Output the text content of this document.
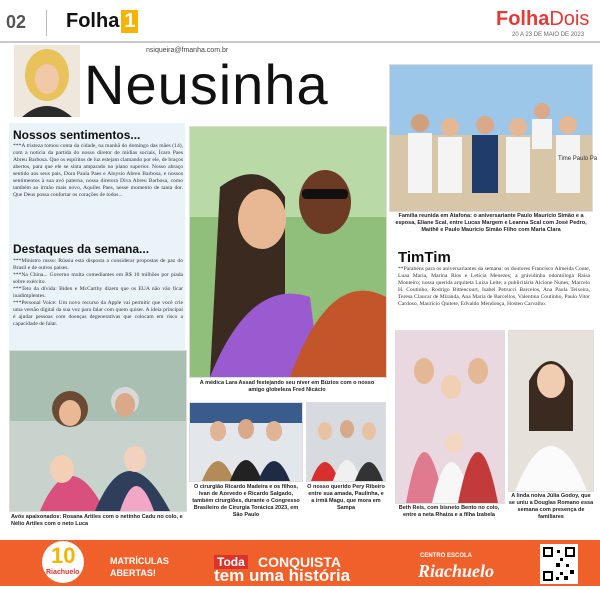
02 Folha 1	FolhaDois
20 A 23 DE MAIO DE 2023
nsiqueira@fmanha.com.br
Neusinha
Nossos sentimentos...
***A tristeza tomou conta da cidade, na manhã do domingo das mães (14), com a notícia da partida do nosso diretor de mídias sociais, Ícaro Paes Abreu Barbosa. Que os espíritos de luz estejam clamando por ele, de braços abertos, para que ele se sinta amparado no plano superior. Nosso abraço sentido aos seus pais, Dora Paula Paes e Aluysio Abreu Barbosa, e nossos sentimentos à sua avó paterna, nossa diretora Diva Abreu Barbosa, como também ao irmão mais novo, Aquiles Paes, nesse momento de tanta dor. Que Deus possa confortar os corações de todos...
Destaques da semana...
***Ministro russo: Rússia está disposta a considerar propostas de paz do Brasil e de outros países.
***Na China... Governo multa comediantes em R$ 10 milhões por piada sobre exército.
***Teto da dívida: Biden e McCarthy dizem que os EUA não vão ficar inadimplentes.
***Personal Voice: Um novo recurso da Apple vai permitir que você crie uma versão digital da sua voz para falar com quem quiser. A ideia principal é ajudar pessoas com doenças degenerativas que colocam em risco a capacidade de falar.
Avós apaixonados: Rosana Artiles com o netinho Cadu no colo, e Nélio Artiles com o neto Luca
A médica Lara Assad festejando seu níver em Búzios com o nosso amigo globeleza Fred Nicácio
O cirurgião Ricardo Madeira e os filhos, Ivan de Azevedo e Ricardo Salgado, também cirurgiões, durante o Congresso Brasileiro de Cirurgia Torácica 2023, em São Paulo
O nosso querido Pery Ribeiro entre sua amada, Paulinha, e a irmã Magu, que mora em Sampa
Time Paulo Pa
Família reunida em Atafona: o aniversariante Paulo Maurício Simão e a esposa, Eliane Scal, entre Lucas Margem e Leanna Scal com José Pedro, Maithê e Paulo Maurício Simão Filho com Maria Clara
TimTim
**Parabéns para os aniversariantes da semana: os doutores Francisco Almeida Conte, Luaa Maria, Marina Rios e Letícia Menezes; a grávidinha odontóloga Raisa Monteiro; nossa querida arquiteta Luiza Leite; a publicitária Alcione Nunes; Marcelo H. Coutinho, Rodrigo Bittencourt, Isabel Petrucci Barcelos, Ana Paula Teixeira, Teresa Claucar de Miranda, Ana Maria de Barcellos, Valentina Coutinho, Paulo Vitor Cardoso, Maurício Quitete, Edvaldo Mendonça, Hosten Carvalho.
Beth Reis, com bisneto Bento no colo, entre a neta Rhaiza e a filha Izabela
A linda noiva Júlia Godoy, que se uniu a Douglas Romano essa semana com presença de familiares
10
Riachuelo
MATRÍCULAS
ABERTAS!
Toda CONQUISTA
tem uma história
CENTRO ESCOLA
Riachuelo
